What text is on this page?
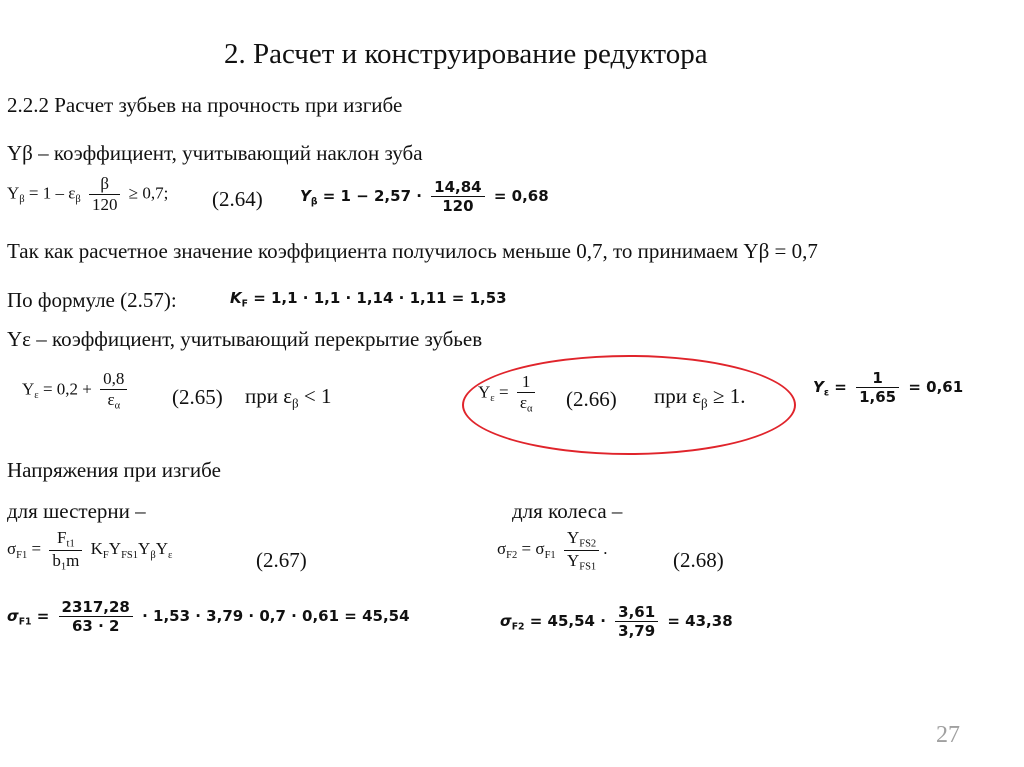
2. Расчет и конструирование редуктора
2.2.2 Расчет зубьев на прочность при изгибе
Yβ – коэффициент, учитывающий наклон зуба
$Y_\beta = 1 - \varepsilon_\beta \frac{\beta}{120} \ge 0,7$; (2.64) $Y_\beta = 1 - 2,57 \cdot \frac{14,84}{120} = 0,68$
Так как расчетное значение коэффициента получилось меньше 0,7, то принимаем Yβ = 0,7
По формуле (2.57):	$K_F = 1,1 \cdot 1,1 \cdot 1,14 \cdot 1,11 = 1,53$
Yε – коэффициент, учитывающий перекрытие зубьев
$Y_\varepsilon = 0,2 + \frac{0,8}{\varepsilon_\alpha} (2.65)$ при $\varepsilon_\beta < 1$	$Y_\varepsilon = \frac{1}{\varepsilon_\alpha} (2.66)$ при $\varepsilon_\beta \ge 1$.	$Y_\varepsilon = \frac{1}{1,65} = 0,61$
Напряжения при изгибе
для шестерни –	для колеса –
$\sigma_{F1} = \frac{F_{t1}}{b_1m} K_FY_{FS1}Y_\beta Y_\varepsilon$	(2.67)	$\sigma_{F2} = \sigma_{F1} \frac{Y_{FS2}}{Y_{FS1}}$ .	(2.68)
$\sigma_{F1} = \frac{2317,28}{63 \cdot 2} \cdot 1,53 \cdot 3,79 \cdot 0,7 \cdot 0,61 = 45,54$	$\sigma_{F2} = 45,54 \cdot \frac{3,61}{3,79} = 43,38$
27
